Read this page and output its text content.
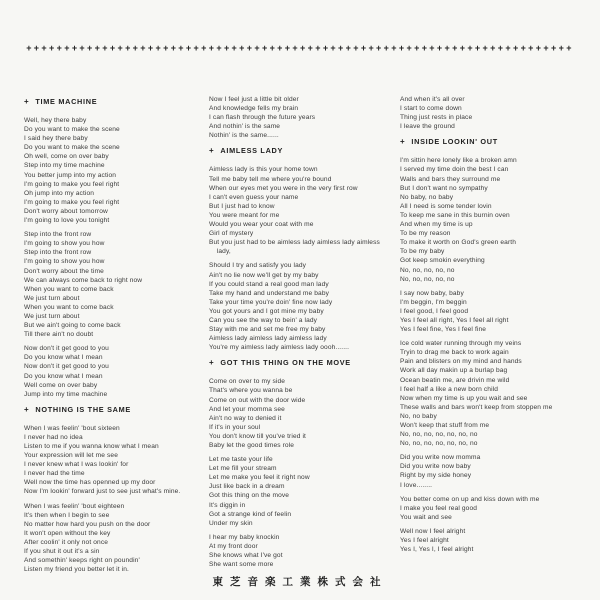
++++++++++++++++++++++++++++++++++++++++++++++++++++++++++++++++++++++++
+ TIME MACHINE
Well, hey there baby
Do you want to make the scene
I said hey there baby
Do you want to make the scene
Oh well, come on over baby
Step into my time machine
You better jump into my action
I'm going to make you feel right
Oh jump into my action
I'm going to make you feel right
Don't worry about tomorrow
I'm going to love you tonight
Step into the front row
I'm going to show you how
Step into the front row
I'm going to show you how
Don't worry about the time
We can always come back to right now
When you want to come back
We just turn about
When you want to come back
We just turn about
But we ain't going to come back
Till there ain't no doubt
Now don't it get good to you
Do you know what I mean
Now don't it get good to you
Do you know what I mean
Well come on over baby
Jump into my time machine
+ NOTHING IS THE SAME
When I was feelin' 'bout sixteen
I never had no idea
Listen to me if you wanna know what I mean
Your expression will let me see
I never knew what I was lookin' for
I never had the time
Well now the time has openned up my door
Now I'm lookin' forward just to see just what's mine.
When I was feelin' 'bout eighteen
It's then when I begin to see
No matter how hard you push on the door
It won't open without the key
After coolin' it only not once
If you shut it out it's a sin
And somethin' keeps right on poundin'
Listen my friend you better let it in.
Now I feel just a little bit older
And knowledge fells my brain
I can flash through the future years
And nothin' is the same
Nothin' is the same......
+ AIMLESS LADY
Aimless lady is this your home town
Tell me baby tell me where you're bound
When our eyes met you were in the very first row
I can't even guess your name
But I just had to know
You were meant for me
Would you wear your coat with me
Girl of mystery
But you just had to be aimless lady aimless lady aimless
lady,
Should I try and satisfy you lady
Ain't no lie now we'll get by my baby
If you could stand a real good man lady
Take my hand and understand me baby
Take your time you're doin' fine now lady
You got yours and I got mine my baby
Can you see the way to bein' a lady
Stay with me and set me free my baby
Aimless lady aimless lady aimless lady
You're my aimless lady aimless lady oooh.......
+ GOT THIS THING ON THE MOVE
Come on over to my side
That's where you wanna be
Come on out with the door wide
And let your momma see
Ain't no way to denied it
If it's in your soul
You don't know till you've tried it
Baby let the good times role
Let me taste your life
Let me fill your stream
Let me make you feel it right now
Just like back in a dream
Got this thing on the move
It's diggin in
Got a strange kind of feelin
Under my skin
I hear my baby knockin
At my front door
She knows what I've got
She want some more
And when it's all over
I start to come down
Thing just rests in place
I leave the ground
+ INSIDE LOOKIN' OUT
I'm sittin here lonely like a broken amn
I served my time doin the best I can
Walls and bars they surround me
But I don't want no sympathy
No baby, no baby
All I need is some tender lovin
To keep me sane in this burnin oven
And when my time is up
To be my reason
To make it worth on God's green earth
To be my baby
Got keep smokin everything
No, no, no, no, no
No, no, no, no, no
I say now baby, baby
I'm beggin, I'm beggin
I feel good, I feel good
Yes I feel all right, Yes I feel all right
Yes I feel fine, Yes I feel fine
Ice cold water running through my veins
Tryin to drag me back to work again
Pain and blisters on my mind and hands
Work all day makin up a burlap bag
Ocean beatin me, are drivin me wild
I feel half a like a new born child
Now when my time is up you wait and see
These walls and bars won't keep from stoppen me
No, no baby
Won't keep that stuff from me
No, no, no, no, no, no, no
No, no, no, no, no, no, no
Did you write now momma
Did you write now baby
Right by my side honey
I love........
You better come on up and kiss down with me
I make you feel real good
You wait and see
Well now I feel alright
Yes I feel alright
Yes I, Yes I, I feel alright
東芝音楽工業株式会社
